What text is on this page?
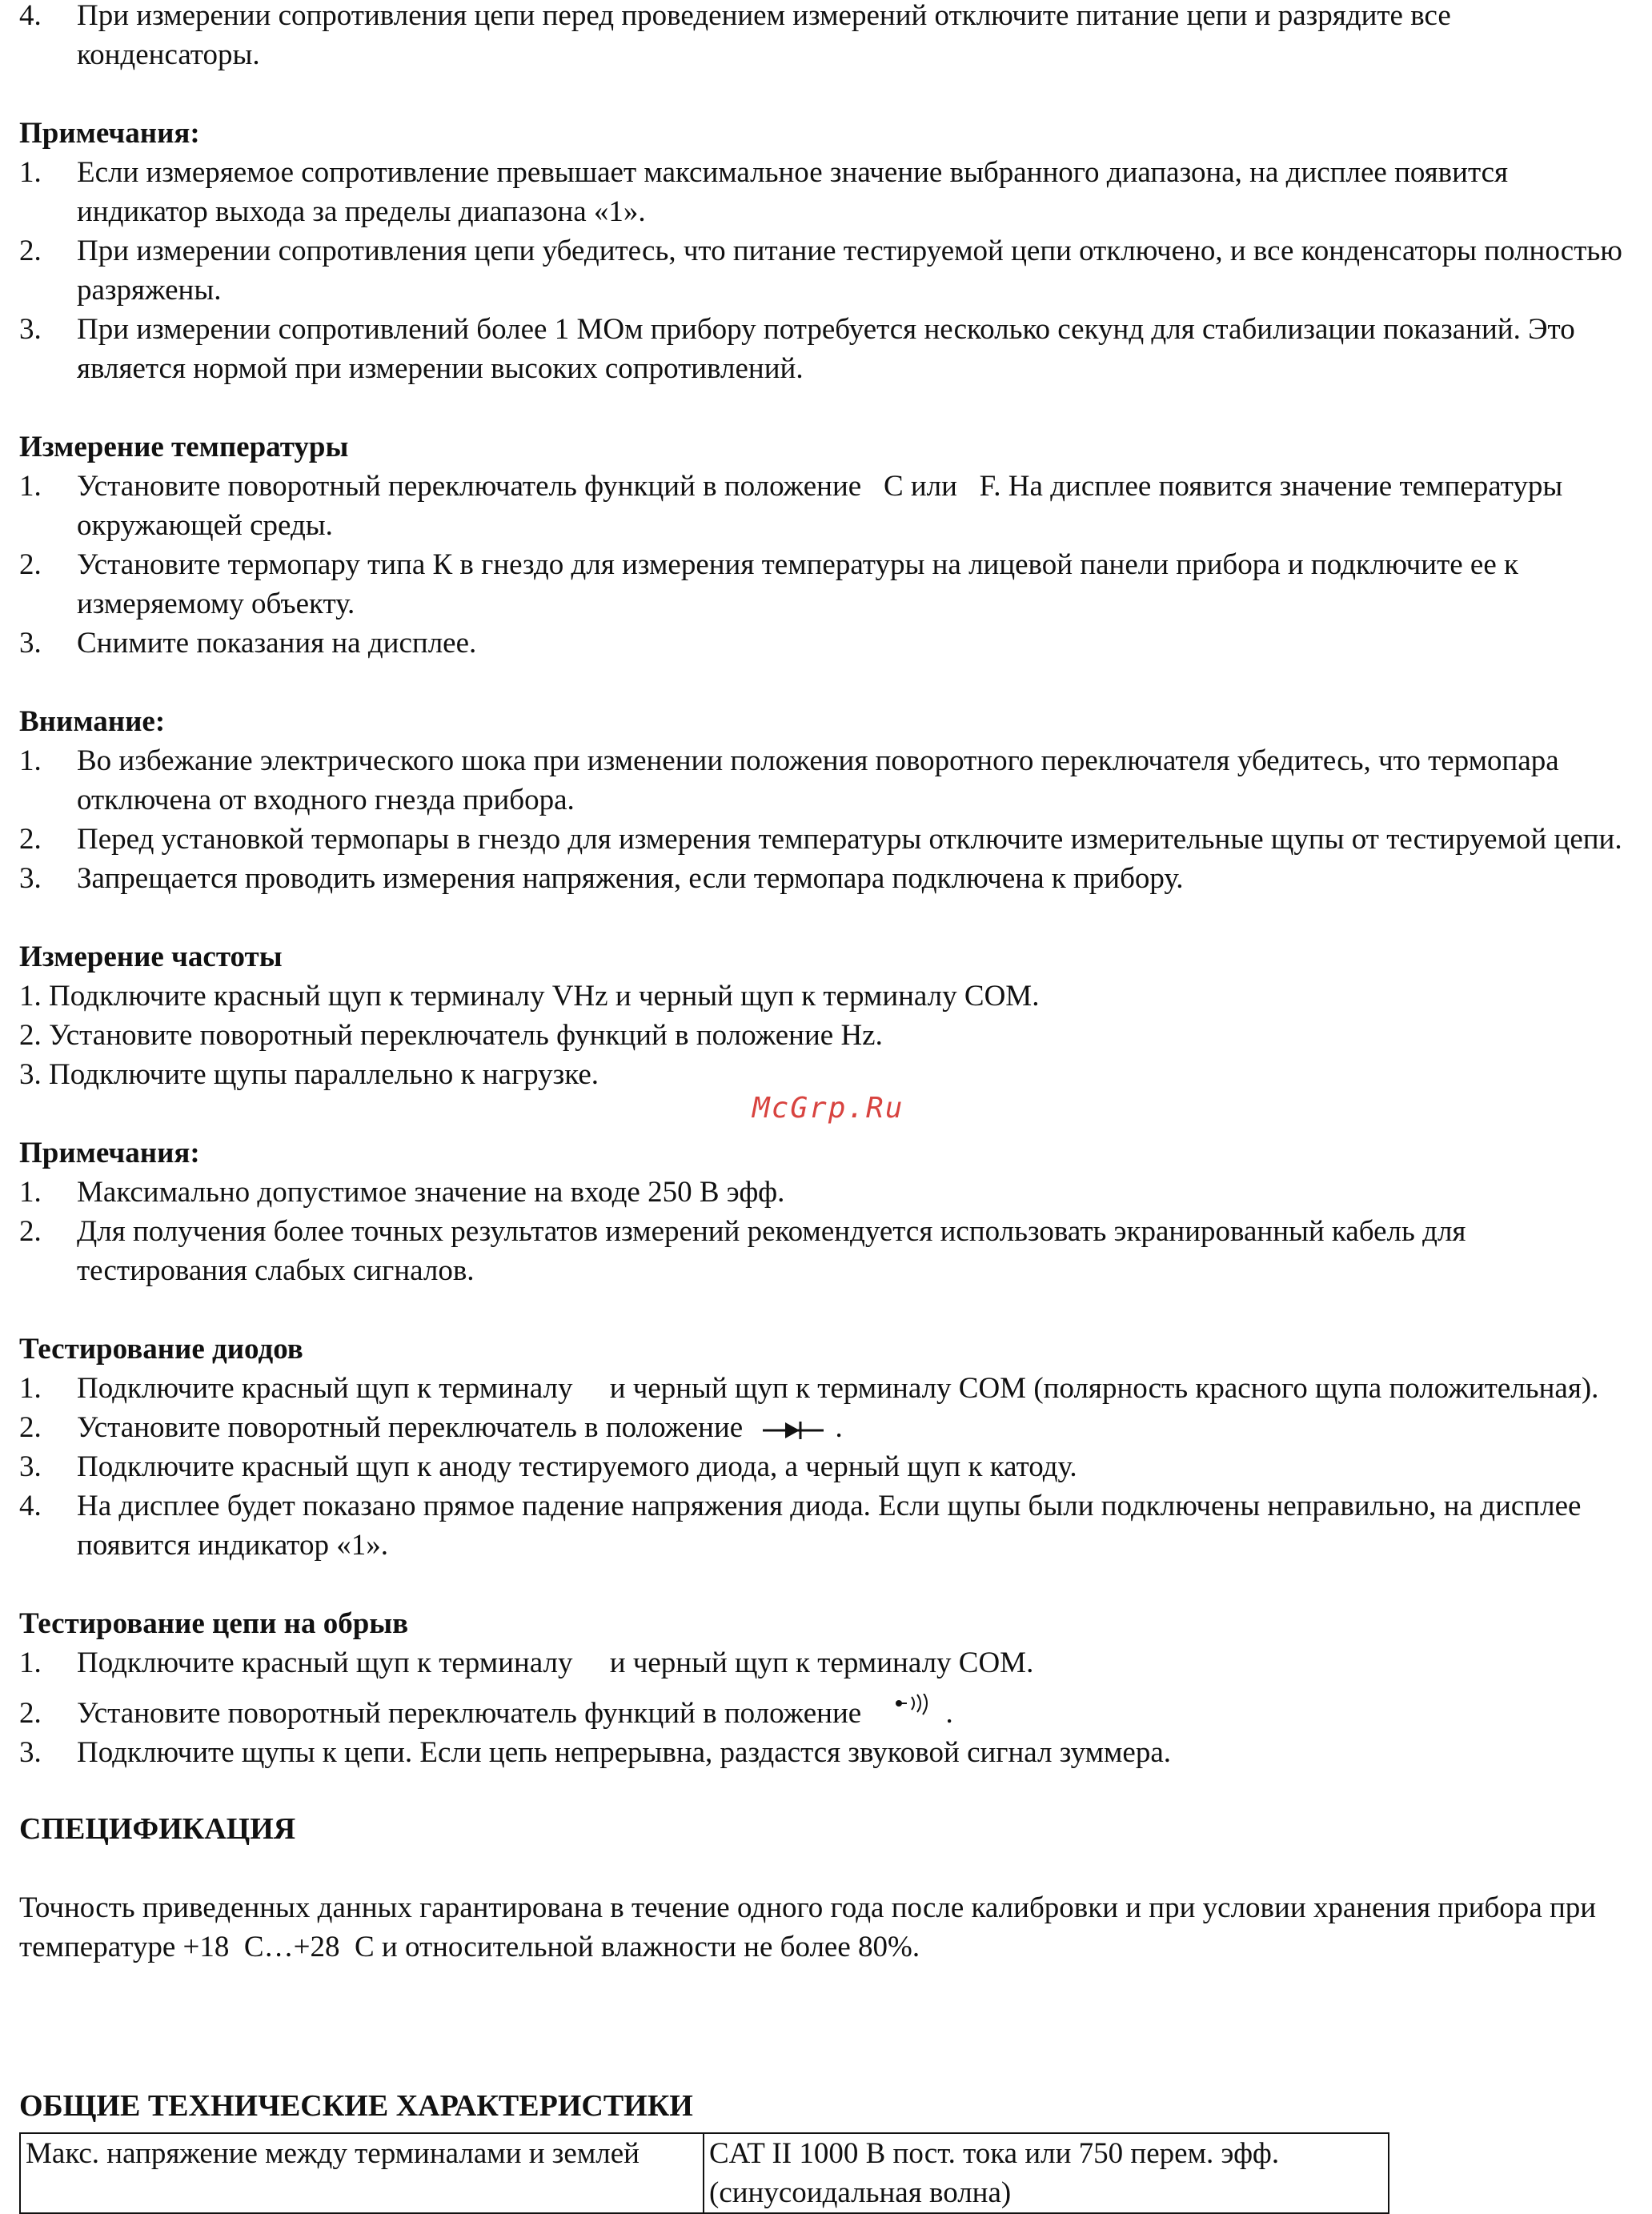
4.	При измерении сопротивления цепи перед проведением измерений отключите питание цепи и разрядите все конденсаторы.
Примечания:
1.	Если измеряемое сопротивление превышает максимальное значение выбранного диапазона, на дисплее появится индикатор выхода за пределы диапазона «1».
2.	При измерении сопротивления цепи убедитесь, что питание тестируемой цепи отключено, и все конденсаторы полностью разряжены.
3.	При измерении сопротивлений более 1 МОм прибору потребуется несколько секунд для стабилизации показаний. Это является нормой при измерении высоких сопротивлений.
Измерение температуры
1.	Установите поворотный переключатель функций в положение   C или   F. На дисплее появится значение температуры окружающей среды.
2.	Установите термопару типа К в гнездо для измерения температуры на лицевой панели прибора и подключите ее к измеряемому объекту.
3.	Снимите показания на дисплее.
Внимание:
1.	Во избежание электрического шока при изменении положения поворотного переключателя убедитесь, что термопара отключена от входного гнезда прибора.
2.	Перед установкой термопары в гнездо для измерения температуры отключите измерительные щупы от тестируемой цепи.
3.	Запрещается проводить измерения напряжения, если термопара подключена к прибору.
Измерение частоты
1. Подключите красный щуп к терминалу VHz и черный щуп к терминалу COM.
2. Установите поворотный переключатель функций в положение Hz.
3. Подключите щупы параллельно к нагрузке.
Примечания:
1.	Максимально допустимое значение на входе 250 В эфф.
2.	Для получения более точных результатов измерений рекомендуется использовать экранированный кабель для тестирования слабых сигналов.
Тестирование диодов
1.	Подключите красный щуп к терминалу     и черный щуп к терминалу COM (полярность красного щупа положительная).
2.	Установите поворотный переключатель в положение	.
3.	Подключите красный щуп к аноду тестируемого диода, а черный щуп к катоду.
4.	На дисплее будет показано прямое падение напряжения диода. Если щупы были подключены неправильно, на дисплее появится индикатор «1».
Тестирование цепи на обрыв
1.	Подключите красный щуп к терминалу     и черный щуп к терминалу COM.
2.	Установите поворотный переключатель функций в положение	.
3.	Подключите щупы к цепи. Если цепь непрерывна, раздастся звуковой сигнал зуммера.
СПЕЦИФИКАЦИЯ
Точность приведенных данных гарантирована в течение одного года после калибровки и при условии хранения прибора при температуре +18  С…+28  С и относительной влажности не более 80%.
ОБЩИЕ ТЕХНИЧЕСКИЕ ХАРАКТЕРИСТИКИ
McGrp.Ru
Макс. напряжение между терминалами и землей	CAT II 1000 В пост. тока или 750 перем. эфф. (синусоидальная волна)
